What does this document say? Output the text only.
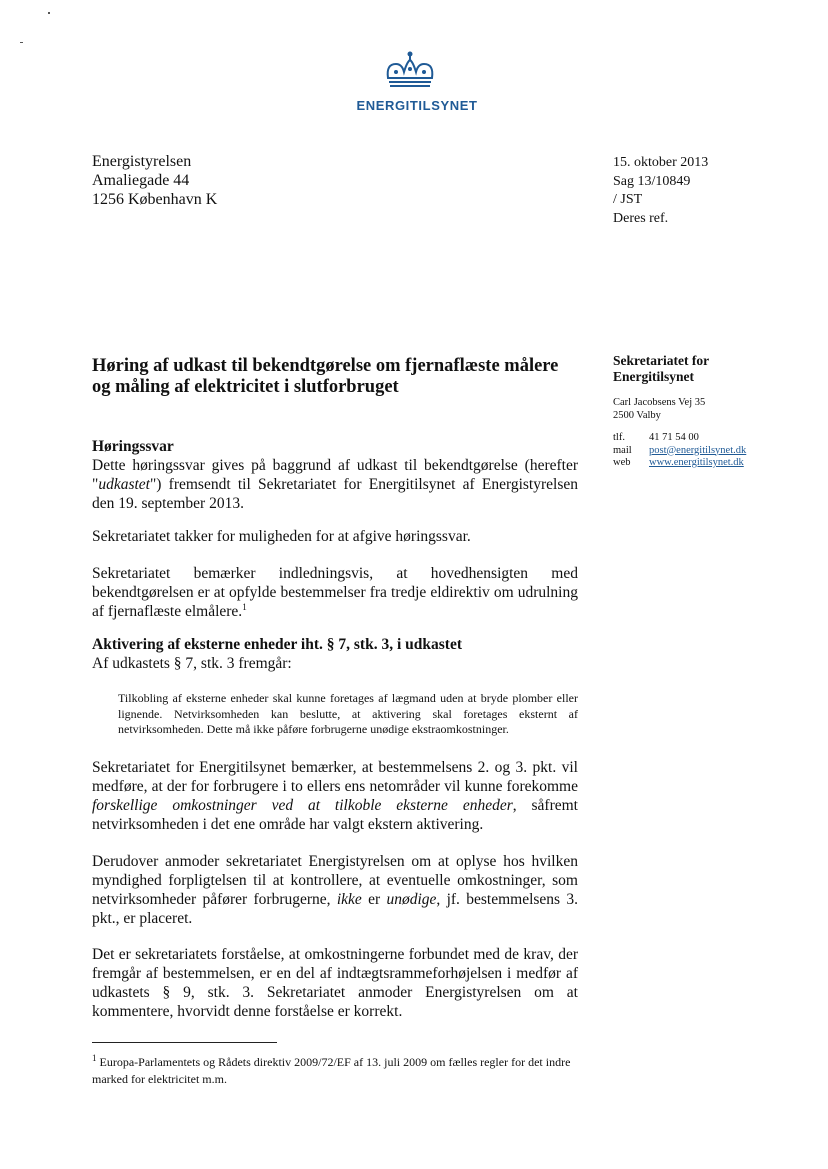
ENERGITILSYNET
Energistyrelsen
Amaliegade 44
1256 København K
15. oktober 2013
Sag 13/10849
/ JST
Deres ref.
Høring af udkast til bekendtgørelse om fjernaflæste målere
og måling af elektricitet i slutforbruget
Sekretariatet for
Energitilsynet
Carl Jacobsens Vej 35
2500 Valby
tlf. 41 71 54 00
mail post@energitilsynet.dk
web www.energitilsynet.dk
Høringssvar

Dette høringssvar gives på baggrund af udkast til bekendtgørelse (herefter "udkastet") fremsendt til Sekretariatet for Energitilsynet af Energistyrelsen den 19. september 2013.

Sekretariatet takker for muligheden for at afgive høringssvar.
Sekretariatet bemærker indledningsvis, at hovedhensigten med bekendtgørelsen er at opfylde bestemmelser fra tredje eldirektiv om udrulning af fjernaflæste elmålere.$^1$
Aktivering af eksterne enheder iht. § 7, stk. 3, i udkastet
Af udkastets § 7, stk. 3 fremgår:
Tilkobling af eksterne enheder skal kunne foretages af lægmand uden at bryde plomber eller lignende. Netvirksomheden kan beslutte, at aktivering skal foretages eksternt af netvirksomheden. Dette må ikke påføre forbrugerne unødige ekstraomkostninger.
Sekretariatet for Energitilsynet bemærker, at bestemmelsens 2. og 3. pkt. vil medføre, at der for forbrugere i to ellers ens netområder vil kunne forekomme forskellige omkostninger ved at tilkoble eksterne enheder, såfremt netvirksomheden i det ene område har valgt ekstern aktivering.
Derudover anmoder sekretariatet Energistyrelsen om at oplyse hos hvilken myndighed forpligtelsen til at kontrollere, at eventuelle omkostninger, som netvirksomheder påfører forbrugerne, ikke er unødige, jf. bestemmelsens 3. pkt., er placeret.
Det er sekretariatets forståelse, at omkostningerne forbundet med de krav, der fremgår af bestemmelsen, er en del af indtægtsrammeforhøjelsen i medfør af udkastets § 9, stk. 3. Sekretariatet anmoder Energistyrelsen om at kommentere, hvorvidt denne forståelse er korrekt.
$^1$ Europa-Parlamentets og Rådets direktiv 2009/72/EF af 13. juli 2009 om fælles regler for det indre marked for elektricitet m.m.
